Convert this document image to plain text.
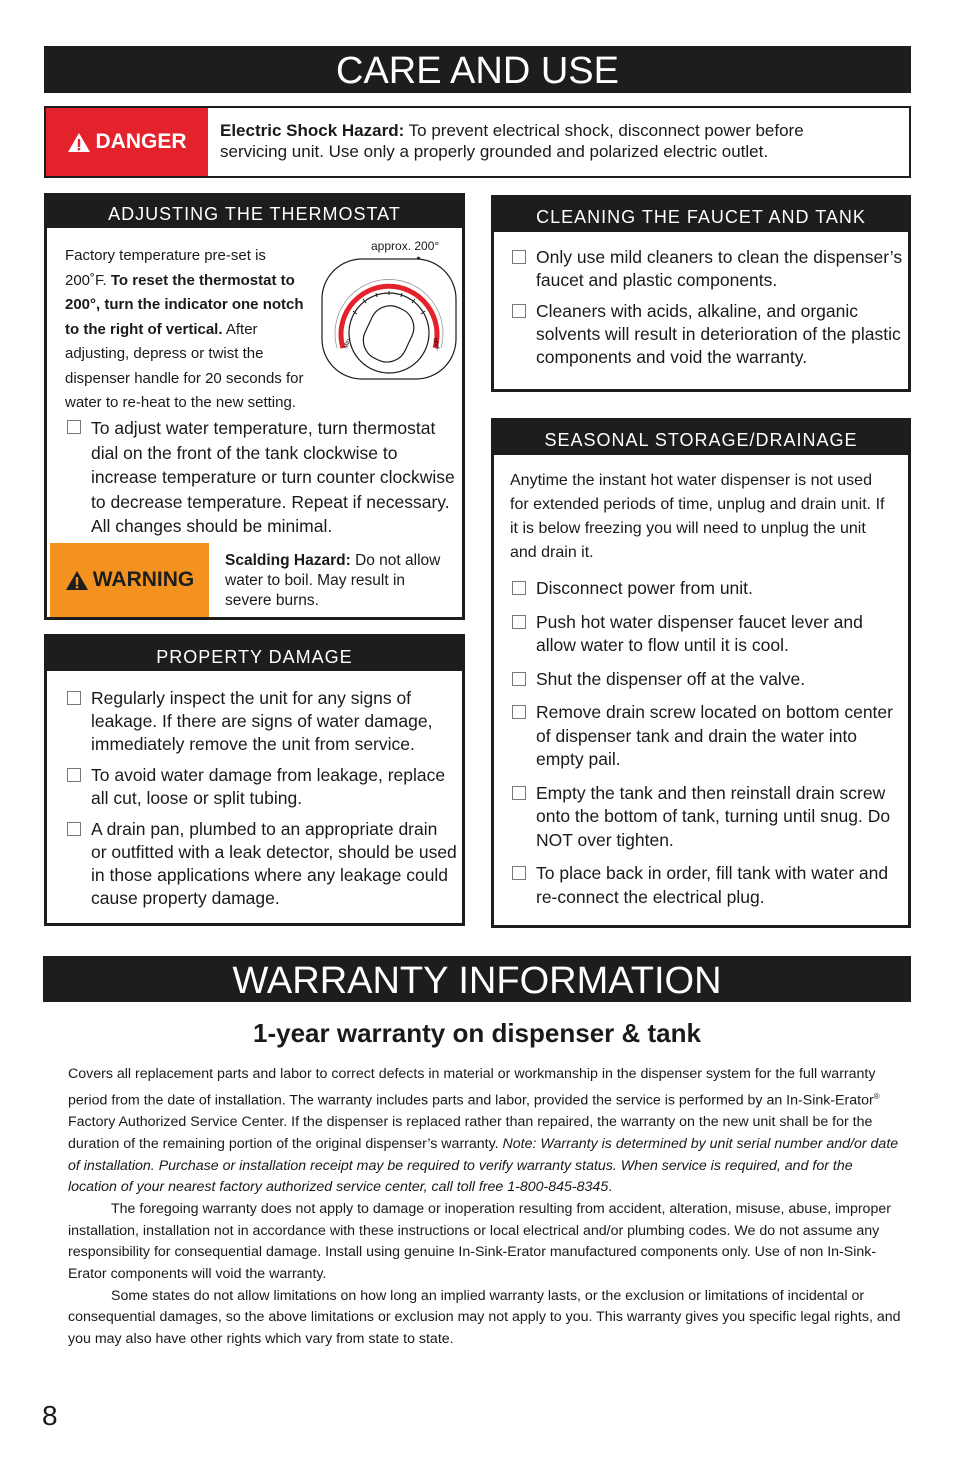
CARE AND USE
DANGER Electric Shock Hazard: To prevent electrical shock, disconnect power before servicing unit. Use only a properly grounded and polarized electric outlet.
ADJUSTING THE THERMOSTAT
Factory temperature pre-set is 200˚F. To reset the thermostat to 200°, turn the indicator one notch to the right of vertical. After adjusting, depress or twist the dispenser handle for 20 seconds for water to re-heat to the new setting.
approx. 200°
Min.	Max.
To adjust water temperature, turn thermostat dial on the front of the tank clockwise to increase temperature or turn counter clockwise to decrease temperature. Repeat if necessary. All changes should be minimal.
WARNING
Scalding Hazard: Do not allow water to boil. May result in severe burns.
PROPERTY DAMAGE
Regularly inspect the unit for any signs of leakage. If there are signs of water damage, immediately remove the unit from service.
To avoid water damage from leakage, replace all cut, loose or split tubing.
A drain pan, plumbed to an appropriate drain or outfitted with a leak detector, should be used in those applications where any leakage could cause property damage.
CLEANING THE FAUCET AND TANK
Only use mild cleaners to clean the dispenser’s faucet and plastic components.
Cleaners with acids, alkaline, and organic solvents will result in deterioration of the plastic components and void the warranty.
SEASONAL STORAGE/DRAINAGE
Anytime the instant hot water dispenser is not used for extended periods of time, unplug and drain unit. If it is below freezing you will need to unplug the unit and drain it.
Disconnect power from unit.
Push hot water dispenser faucet lever and allow water to flow until it is cool.
Shut the dispenser off at the valve.
Remove drain screw located on bottom center of dispenser tank and drain the water into empty pail.
Empty the tank and then reinstall drain screw onto the bottom of tank, turning until snug. Do NOT over tighten.
To place back in order, fill tank with water and re-connect the electrical plug.
WARRANTY INFORMATION
1-year warranty on dispenser & tank

Covers all replacement parts and labor to correct defects in material or workmanship in the dispenser system for the full warranty period from the date of installation. The warranty includes parts and labor, provided the service is performed by an In-Sink-Erator® Factory Authorized Service Center. If the dispenser is replaced rather than repaired, the warranty on the new unit shall be for the duration of the remaining portion of the original dispenser’s warranty. Note: Warranty is determined by unit serial number and/or date of installation. Purchase or installation receipt may be required to verify warranty status. When service is required, and for the location of your nearest factory authorized service center, call toll free 1-800-845-8345.

The foregoing warranty does not apply to damage or inoperation resulting from accident, alteration, misuse, abuse, improper installation, installation not in accordance with these instructions or local electrical and/or plumbing codes. We do not assume any responsibility for consequential damage. Install using genuine In-Sink-Erator manufactured components only. Use of non In-Sink-Erator components will void the warranty.

Some states do not allow limitations on how long an implied warranty lasts, or the exclusion or limitations of incidental or consequential damages, so the above limitations or exclusion may not apply to you. This warranty gives you specific legal rights, and you may also have other rights which vary from state to state.

8
